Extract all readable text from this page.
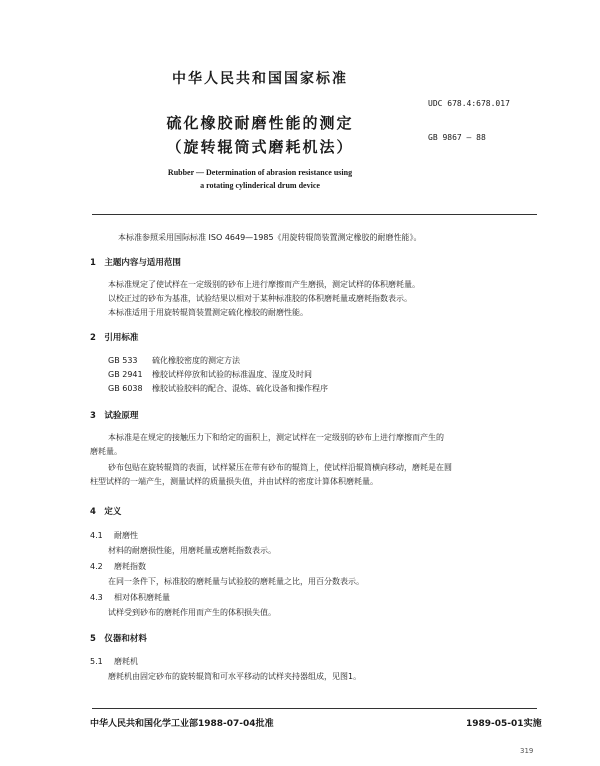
中华人民共和国国家标准
UDC 678.4:678.017
硫化橡胶耐磨性能的测定
（旋转辊筒式磨耗机法）
GB 9867 — 88
Rubber — Determination of abrasion resistance using
a rotating cylinderical drum device
本标准参照采用国际标准 ISO 4649—1985《用旋转辊筒装置测定橡胶的耐磨性能》。
1　主题内容与适用范围
本标准规定了使试样在一定级别的砂布上进行摩擦而产生磨损，测定试样的体积磨耗量。
以校正过的砂布为基准，试验结果以相对于某种标准胶的体积磨耗量或磨耗指数表示。
本标准适用于用旋转辊筒装置测定硫化橡胶的耐磨性能。
2　引用标准
GB 533 硫化橡胶密度的测定方法
GB 2941 橡胶试样停放和试验的标准温度、湿度及时间
GB 6038 橡胶试验胶料的配合、混炼、硫化设备和操作程序
3　试验原理
本标准是在规定的接触压力下和给定的面积上，测定试样在一定级别的砂布上进行摩擦而产生的
磨耗量。
砂布包贴在旋转辊筒的表面，试样紧压在带有砂布的辊筒上，使试样沿辊筒横向移动，磨耗是在圆
柱型试样的一端产生，测量试样的质量损失值，并由试样的密度计算体积磨耗量。
4　定义
4.1 耐磨性
材料的耐磨损性能，用磨耗量或磨耗指数表示。
4.2 磨耗指数
在同一条件下，标准胶的磨耗量与试验胶的磨耗量之比，用百分数表示。
4.3 相对体积磨耗量
试样受到砂布的磨耗作用而产生的体积损失值。
5　仪器和材料
5.1 磨耗机
磨耗机由固定砂布的旋转辊筒和可水平移动的试样夹持器组成，见图1。
中华人民共和国化学工业部1988-07-04批准	1989-05-01实施
319
